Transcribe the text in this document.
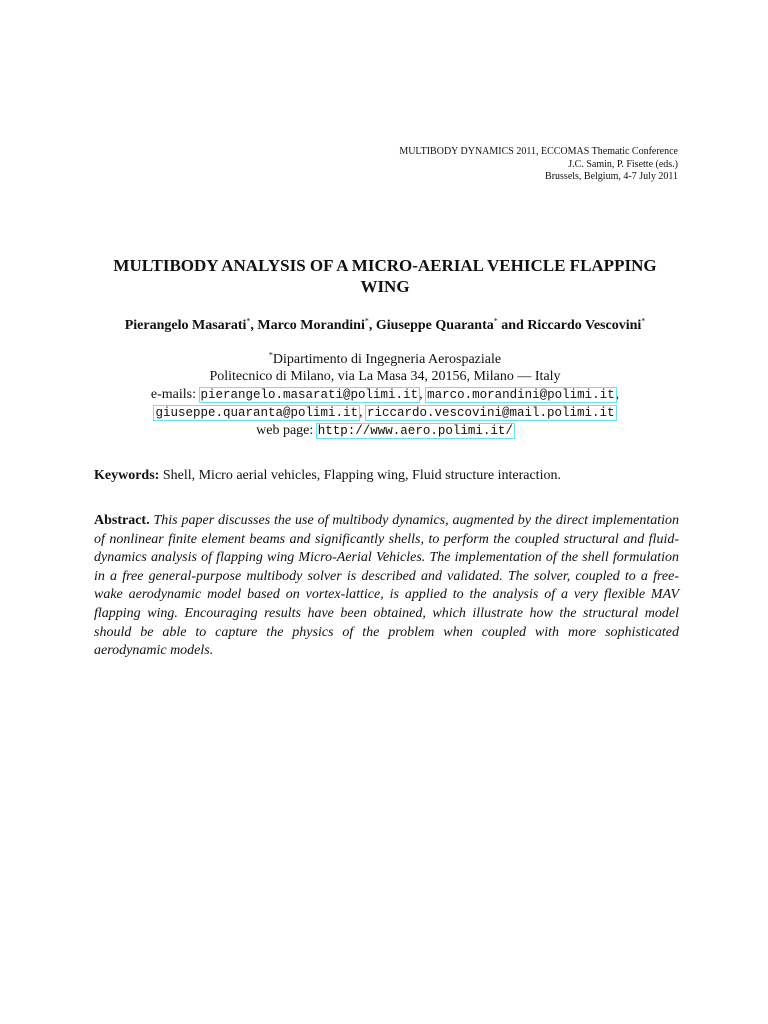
MULTIBODY DYNAMICS 2011, ECCOMAS Thematic Conference
J.C. Samin, P. Fisette (eds.)
Brussels, Belgium, 4-7 July 2011
MULTIBODY ANALYSIS OF A MICRO-AERIAL VEHICLE FLAPPING
WING
Pierangelo Masarati*, Marco Morandini*, Giuseppe Quaranta* and Riccardo Vescovini*
*Dipartimento di Ingegneria Aerospaziale
Politecnico di Milano, via La Masa 34, 20156, Milano — Italy
e-mails: pierangelo.masarati@polimi.it, marco.morandini@polimi.it,
giuseppe.quaranta@polimi.it, riccardo.vescovini@mail.polimi.it
web page: http://www.aero.polimi.it/
Keywords: Shell, Micro aerial vehicles, Flapping wing, Fluid structure interaction.
Abstract. This paper discusses the use of multibody dynamics, augmented by the direct implementation of nonlinear finite element beams and significantly shells, to perform the coupled structural and fluid-dynamics analysis of flapping wing Micro-Aerial Vehicles. The implementation of the shell formulation in a free general-purpose multibody solver is described and validated. The solver, coupled to a free-wake aerodynamic model based on vortex-lattice, is applied to the analysis of a very flexible MAV flapping wing. Encouraging results have been obtained, which illustrate how the structural model should be able to capture the physics of the problem when coupled with more sophisticated aerodynamic models.
